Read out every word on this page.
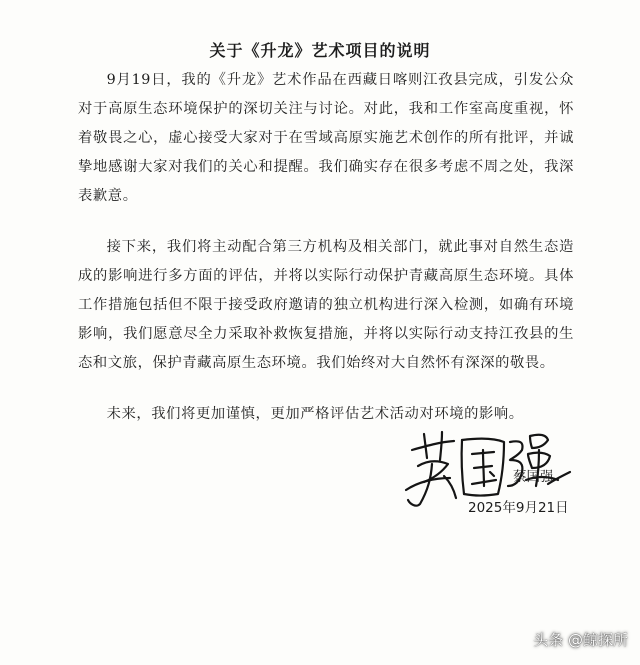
关于《升龙》艺术项目的说明

9月19日，我的《升龙》艺术作品在西藏日喀则江孜县完成，引发公众对于高原生态环境保护的深切关注与讨论。对此，我和工作室高度重视，怀着敬畏之心，虚心接受大家对于在雪域高原实施艺术创作的所有批评，并诚挚地感谢大家对我们的关心和提醒。我们确实存在很多考虑不周之处，我深表歉意。

接下来，我们将主动配合第三方机构及相关部门，就此事对自然生态造成的影响进行多方面的评估，并将以实际行动保护青藏高原生态环境。具体工作措施包括但不限于接受政府邀请的独立机构进行深入检测，如确有环境影响，我们愿意尽全力采取补救恢复措施，并将以实际行动支持江孜县的生态和文旅，保护青藏高原生态环境。我们始终对大自然怀有深深的敬畏。

未来，我们将更加谨慎，更加严格评估艺术活动对环境的影响。

蔡国强
2025年9月21日
头条 @鲸探所
